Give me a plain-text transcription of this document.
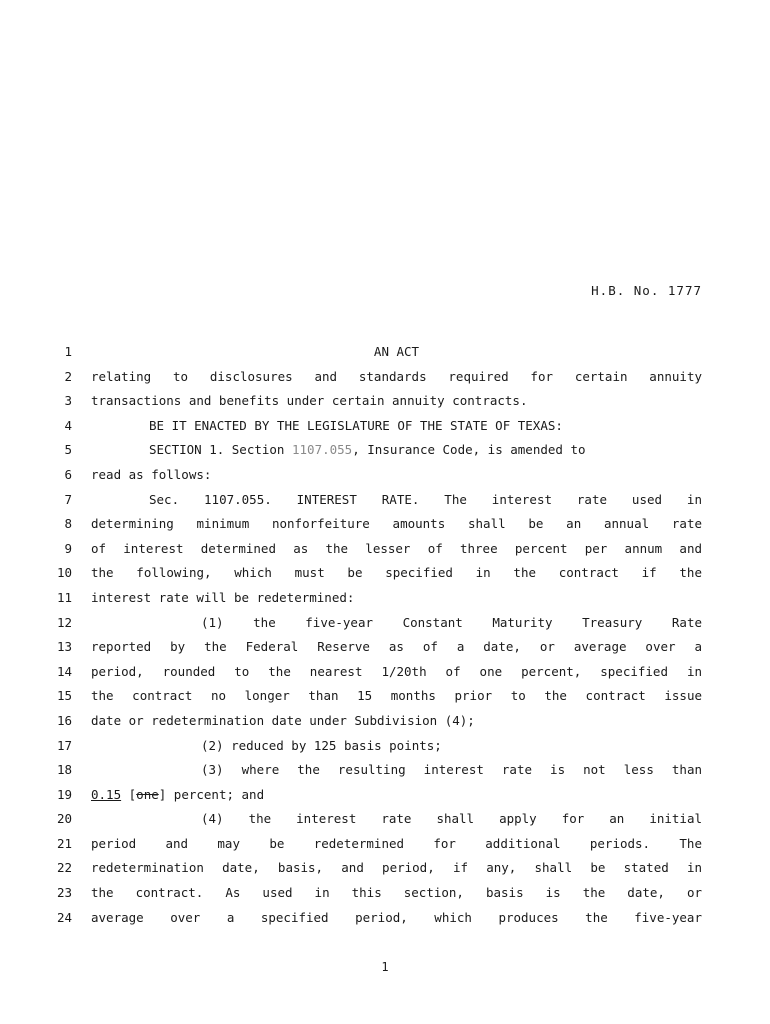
H.B. No. 1777
1	AN ACT
2 relating to disclosures and standards required for certain annuity
3 transactions and benefits under certain annuity contracts.
4	BE IT ENACTED BY THE LEGISLATURE OF THE STATE OF TEXAS:
5	SECTION 1. Section 1107.055, Insurance Code, is amended to
6 read as follows:
7	Sec. 1107.055. INTEREST RATE. The interest rate used in
8 determining minimum nonforfeiture amounts shall be an annual rate
9 of interest determined as the lesser of three percent per annum and
10 the following, which must be specified in the contract if the
11 interest rate will be redetermined:
12	(1) the five-year Constant Maturity Treasury Rate
13 reported by the Federal Reserve as of a date, or average over a
14 period, rounded to the nearest 1/20th of one percent, specified in
15 the contract no longer than 15 months prior to the contract issue
16 date or redetermination date under Subdivision (4);
17	(2) reduced by 125 basis points;
18	(3) where the resulting interest rate is not less than
19 0.15 [one] percent; and
20	(4) the interest rate shall apply for an initial
21 period and may be redetermined for additional periods. The
22 redetermination date, basis, and period, if any, shall be stated in
23 the contract. As used in this section, basis is the date, or
24 average over a specified period, which produces the five-year
1
